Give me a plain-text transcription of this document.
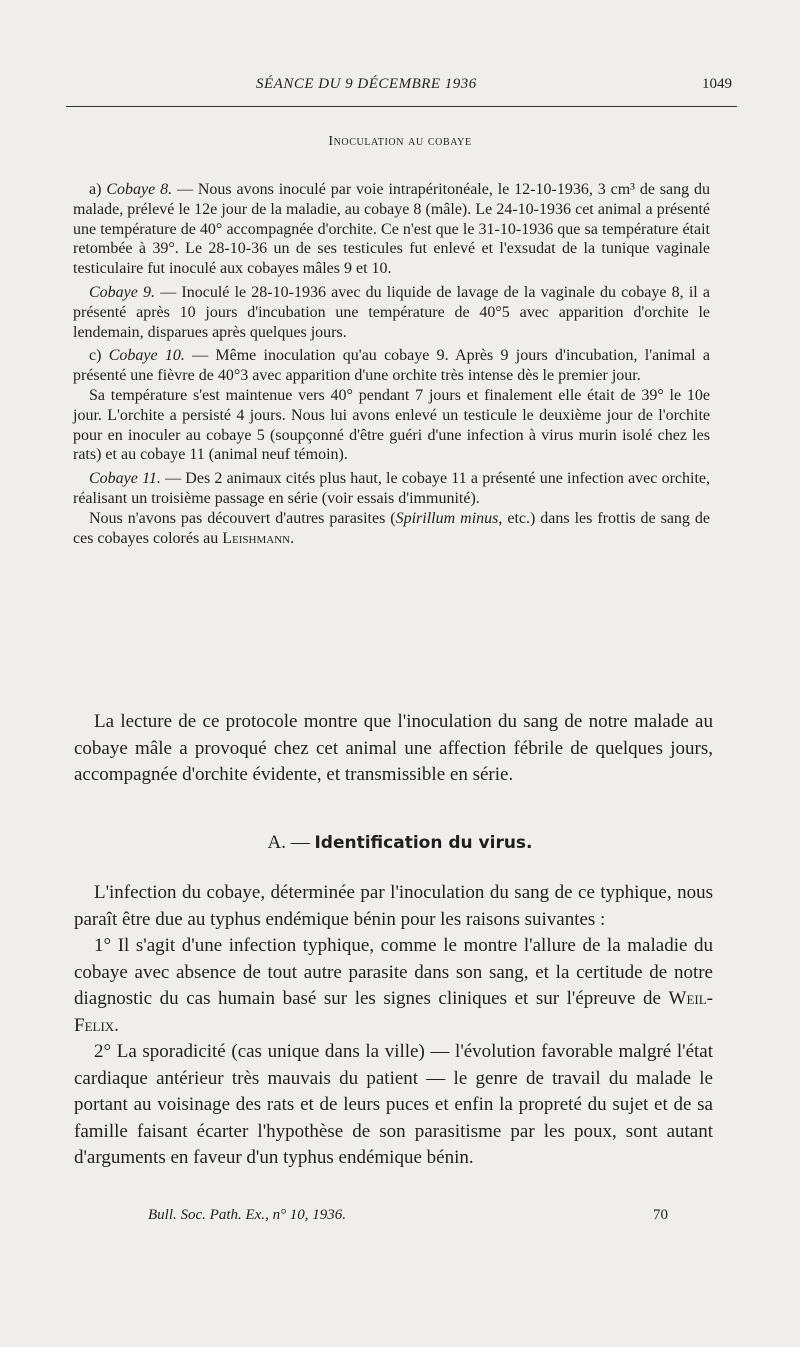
SÉANCE DU 9 DÉCEMBRE 1936	1049
Inoculation au cobaye

a) Cobaye 8. — Nous avons inoculé par voie intrapéritonéale, le 12-10-1936, 3 cm³ de sang du malade, prélevé le 12e jour de la maladie, au cobaye 8 (mâle). Le 24-10-1936 cet animal a présenté une température de 40° accompagnée d'orchite. Ce n'est que le 31-10-1936 que sa température était retombée à 39°. Le 28-10-36 un de ses testicules fut enlevé et l'exsudat de la tunique vaginale testiculaire fut inoculé aux cobayes mâles 9 et 10.

Cobaye 9. — Inoculé le 28-10-1936 avec du liquide de lavage de la vaginale du cobaye 8, il a présenté après 10 jours d'incubation une température de 40°5 avec apparition d'orchite le lendemain, disparues après quelques jours.

c) Cobaye 10. — Même inoculation qu'au cobaye 9. Après 9 jours d'incubation, l'animal a présenté une fièvre de 40°3 avec apparition d'une orchite très intense dès le premier jour.

Sa température s'est maintenue vers 40° pendant 7 jours et finalement elle était de 39° le 10e jour. L'orchite a persisté 4 jours. Nous lui avons enlevé un testicule le deuxième jour de l'orchite pour en inoculer au cobaye 5 (soupçonné d'être guéri d'une infection à virus murin isolé chez les rats) et au cobaye 11 (animal neuf témoin).

Cobaye 11. — Des 2 animaux cités plus haut, le cobaye 11 a présenté une infection avec orchite, réalisant un troisième passage en série (voir essais d'immunité).

Nous n'avons pas découvert d'autres parasites (Spirillum minus, etc.) dans les frottis de sang de ces cobayes colorés au Leishmann.

La lecture de ce protocole montre que l'inoculation du sang de notre malade au cobaye mâle a provoqué chez cet animal une affection fébrile de quelques jours, accompagnée d'orchite évidente, et transmissible en série.

A. — Identification du virus.

L'infection du cobaye, déterminée par l'inoculation du sang de ce typhique, nous paraît être due au typhus endémique bénin pour les raisons suivantes :

1° Il s'agit d'une infection typhique, comme le montre l'allure de la maladie du cobaye avec absence de tout autre parasite dans son sang, et la certitude de notre diagnostic du cas humain basé sur les signes cliniques et sur l'épreuve de Weil-Felix.

2° La sporadicité (cas unique dans la ville) — l'évolution favorable malgré l'état cardiaque antérieur très mauvais du patient — le genre de travail du malade le portant au voisinage des rats et de leurs puces et enfin la propreté du sujet et de sa famille faisant écarter l'hypothèse de son parasitisme par les poux, sont autant d'arguments en faveur d'un typhus endémique bénin.

Bull. Soc. Path. Ex., n° 10, 1936.	70
